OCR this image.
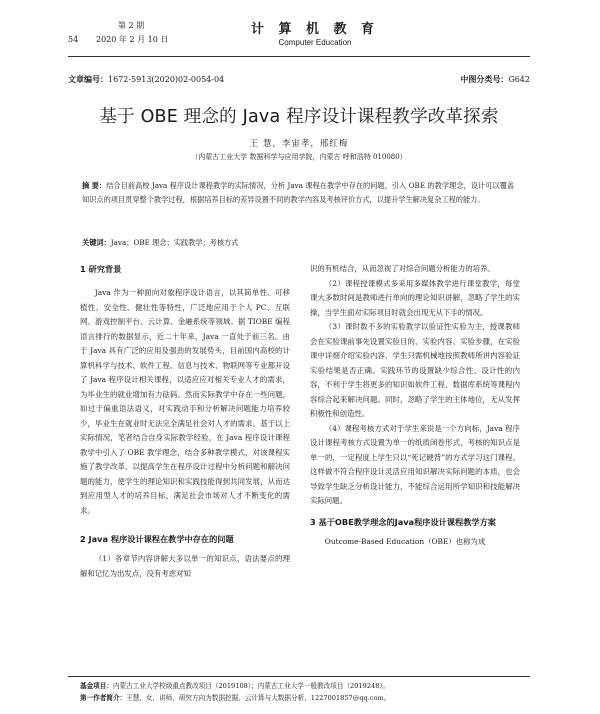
第 2 期
54 2020 年 2 月 10 日
计 算 机 教 育
Computer Education
文章编号：1672-5913(2020)02-0054-04	中图分类号：G642
基于 OBE 理念的 Java 程序设计课程教学改革探索
王 慧，李宙孝，邢红梅
（内蒙古工业大学 数据科学与应用学院，内蒙古 呼和浩特 010080）
摘 要：结合目前高校 Java 程序设计课程教学的实际情况，分析 Java 课程在教学中存在的问题，引入 OBE 的教学理念，设计可以覆盖知识点的项目贯穿整个教学过程，根据培养目标的差异设置不同的教学内容及考核评价方式，以提升学生解决复杂工程的能力。
关键词：Java；OBE 理念；实践教学；考核方式
1 研究背景

Java 作为一种面向对象程序设计语言，以其简单性、可移植性、安全性、健壮性等特性，广泛地应用于个人 PC、互联网、游戏控制平台、云计算、金融系统等领域。据 TIOBE 编程语言排行的数据显示，近二十年来，Java 一直处于前三名。由于 Java 具有广泛的应用及强劲的发展势头，目前国内高校的计算机科学与技术、软件工程、信息与技术、物联网等专业都开设了 Java 程序设计相关课程，以适应应对相关专业人才的需求，为毕业生的就业增加有力砝码。然而实际教学中存在一些问题，如过于偏重语法语义，对实践动手和分析解决问题能力培养较少，毕业生在就业时无法完全满足社会对人才的需求。基于以上实际情况，笔者结合自身实际教学经验，在 Java 程序设计课程教学中引入了 OBE 教学理念，结合多种教学模式，对该课程实施了教学改革，以提高学生在程序设计过程中分析问题和解决问题的能力，使学生的理论知识和实践技能得到共同发展，从而达到应用型人才的培养目标，满足社会市场对人才不断变化的需求。

2 Java 程序设计课程在教学中存在的问题

（1）各章节内容讲解大多以单一的知识点、语法要点的理解和记忆为出发点，没有考虑对知

识的有机结合，从而忽视了对综合问题分析能力的培养。

（2）课程授课模式多采用多媒体教学进行课堂教学，每堂课大多数时间是教师进行单向的理论知识讲解，忽略了学生的实操，当学生面对实际项目时就会出现无从下手的情况。

（3）课时数不多的实验教学以验证性实验为主，授课教师会在实验课前事先设置实验目的、实验内容、实验步骤，在实验课中详细介绍实验内容，学生只需机械地按照教师所讲内容验证实验结果是否正确。实践环节的设置缺少综合性、设计性的内容，不利于学生将更多的知识如软件工程、数据库系统等课程内容综合起来解决问题。同时，忽略了学生的主体地位，无从发挥积极性和创造性。

（4）课程考核方式对于学生来说是一个方向标，Java 程序设计课程考核方式设置为单一的纸质闭卷形式，考核的知识点是单一的，一定程度上学生只以“死记硬背”的方式学习这门课程。这样做不符合程序设计灵活应用知识解决实际问题的本质，也会导致学生缺乏分析设计能力，不能综合运用所学知识和技能解决实际问题。

3 基于OBE教学理念的Java程序设计课程教学方案

Outcome-Based Education（OBE）也称为成

基金项目：内蒙古工业大学校级重点教改项目（2019108）；内蒙古工业大学一般教改项目（2019248）。
第一作者简介：王慧，女，讲师，研究方向为数据挖掘、云计算与大数据分析，1227001857@qq.com。
